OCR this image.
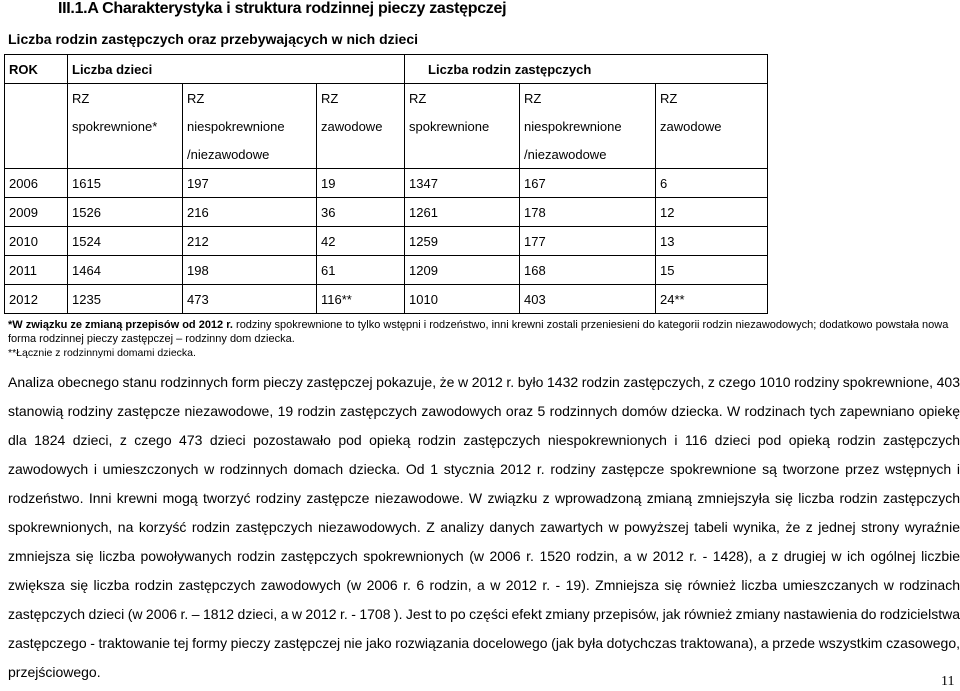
III.1.A Charakterystyka i struktura rodzinnej pieczy zastępczej
Liczba rodzin zastępczych oraz przebywających w nich dzieci
ROK	Liczba dzieci			Liczba rodzin zastępczych		
	RZ	RZ	RZ	RZ	RZ	RZ
	spokrewnione*	niespokrewnione	zawodowe	spokrewnione	niespokrewnione	zawodowe
		/niezawodowe			/niezawodowe	
2006	1615	197	19	1347	167	6
2009	1526	216	36	1261	178	12
2010	1524	212	42	1259	177	13
2011	1464	198	61	1209	168	15
2012	1235	473	116**	1010	403	24**

*W związku ze zmianą przepisów od 2012 r. rodziny spokrewnione to tylko wstępni i rodzeństwo, inni krewni zostali przeniesieni do kategorii rodzin niezawodowych; dodatkowo powstała nowa forma rodzinnej pieczy zastępczej – rodzinny dom dziecka.

**Łącznie z rodzinnymi domami dziecka.

Analiza obecnego stanu rodzinnych form pieczy zastępczej pokazuje, że w 2012 r. było 1432 rodzin zastępczych, z czego 1010 rodziny spokrewnione, 403 stanowią rodziny zastępcze niezawodowe, 19 rodzin zastępczych zawodowych oraz 5 rodzinnych domów dziecka. W rodzinach tych zapewniano opiekę dla 1824 dzieci, z czego 473 dzieci pozostawało pod opieką rodzin zastępczych niespokrewnionych i 116 dzieci pod opieką rodzin zastępczych zawodowych i umieszczonych w rodzinnych domach dziecka. Od 1 stycznia 2012 r. rodziny zastępcze spokrewnione są tworzone przez wstępnych i rodzeństwo. Inni krewni mogą tworzyć rodziny zastępcze niezawodowe. W związku z wprowadzoną zmianą zmniejszyła się liczba rodzin zastępczych spokrewnionych, na korzyść rodzin zastępczych niezawodowych. Z analizy danych zawartych w powyższej tabeli wynika, że z jednej strony wyraźnie zmniejsza się liczba powoływanych rodzin zastępczych spokrewnionych (w 2006 r. 1520 rodzin, a w 2012 r. - 1428), a z drugiej w ich ogólnej liczbie zwiększa się liczba rodzin zastępczych zawodowych (w 2006 r. 6 rodzin, a w 2012 r. - 19). Zmniejsza się również liczba umieszczanych w rodzinach zastępczych dzieci (w 2006 r. – 1812 dzieci, a w 2012 r. - 1708 ). Jest to po części efekt zmiany przepisów, jak również zmiany nastawienia do rodzicielstwa zastępczego - traktowanie tej formy pieczy zastępczej nie jako rozwiązania docelowego (jak była dotychczas traktowana), a przede wszystkim czasowego, przejściowego.

11
